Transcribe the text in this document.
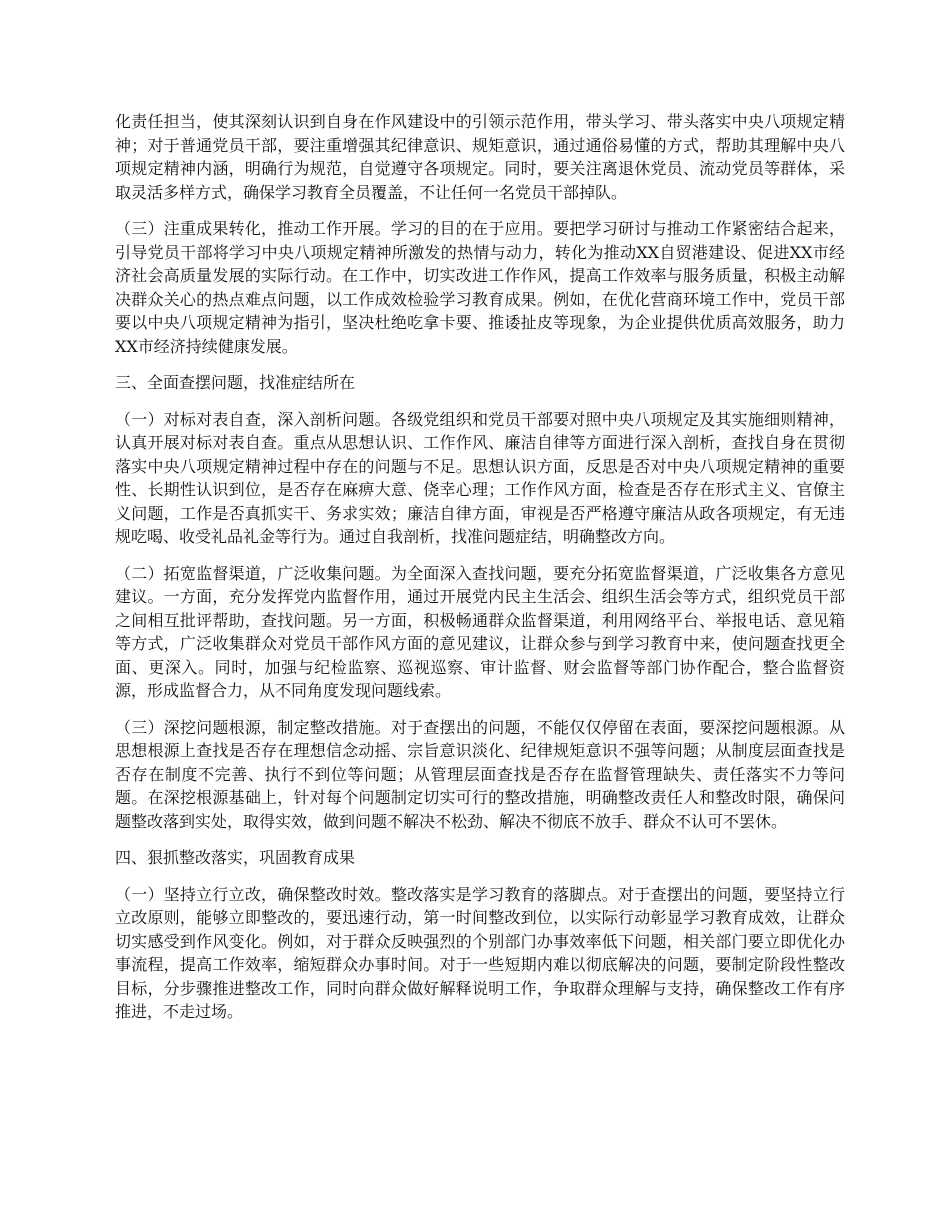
化责任担当，使其深刻认识到自身在作风建设中的引领示范作用，带头学习、带头落实中央八项规定精神；对于普通党员干部，要注重增强其纪律意识、规矩意识，通过通俗易懂的方式，帮助其理解中央八项规定精神内涵，明确行为规范，自觉遵守各项规定。同时，要关注离退休党员、流动党员等群体，采取灵活多样方式，确保学习教育全员覆盖，不让任何一名党员干部掉队。

（三）注重成果转化，推动工作开展。学习的目的在于应用。要把学习研讨与推动工作紧密结合起来，引导党员干部将学习中央八项规定精神所激发的热情与动力，转化为推动XX自贸港建设、促进XX市经济社会高质量发展的实际行动。在工作中，切实改进工作作风，提高工作效率与服务质量，积极主动解决群众关心的热点难点问题，以工作成效检验学习教育成果。例如，在优化营商环境工作中，党员干部要以中央八项规定精神为指引，坚决杜绝吃拿卡要、推诿扯皮等现象，为企业提供优质高效服务，助力XX市经济持续健康发展。

三、全面查摆问题，找准症结所在

（一）对标对表自查，深入剖析问题。各级党组织和党员干部要对照中央八项规定及其实施细则精神，认真开展对标对表自查。重点从思想认识、工作作风、廉洁自律等方面进行深入剖析，查找自身在贯彻落实中央八项规定精神过程中存在的问题与不足。思想认识方面，反思是否对中央八项规定精神的重要性、长期性认识到位，是否存在麻痹大意、侥幸心理；工作作风方面，检查是否存在形式主义、官僚主义问题，工作是否真抓实干、务求实效；廉洁自律方面，审视是否严格遵守廉洁从政各项规定，有无违规吃喝、收受礼品礼金等行为。通过自我剖析，找准问题症结，明确整改方向。

（二）拓宽监督渠道，广泛收集问题。为全面深入查找问题，要充分拓宽监督渠道，广泛收集各方意见建议。一方面，充分发挥党内监督作用，通过开展党内民主生活会、组织生活会等方式，组织党员干部之间相互批评帮助，查找问题。另一方面，积极畅通群众监督渠道，利用网络平台、举报电话、意见箱等方式，广泛收集群众对党员干部作风方面的意见建议，让群众参与到学习教育中来，使问题查找更全面、更深入。同时，加强与纪检监察、巡视巡察、审计监督、财会监督等部门协作配合，整合监督资源，形成监督合力，从不同角度发现问题线索。

（三）深挖问题根源，制定整改措施。对于查摆出的问题，不能仅仅停留在表面，要深挖问题根源。从思想根源上查找是否存在理想信念动摇、宗旨意识淡化、纪律规矩意识不强等问题；从制度层面查找是否存在制度不完善、执行不到位等问题；从管理层面查找是否存在监督管理缺失、责任落实不力等问题。在深挖根源基础上，针对每个问题制定切实可行的整改措施，明确整改责任人和整改时限，确保问题整改落到实处，取得实效，做到问题不解决不松劲、解决不彻底不放手、群众不认可不罢休。

四、狠抓整改落实，巩固教育成果

（一）坚持立行立改，确保整改时效。整改落实是学习教育的落脚点。对于查摆出的问题，要坚持立行立改原则，能够立即整改的，要迅速行动，第一时间整改到位，以实际行动彰显学习教育成效，让群众切实感受到作风变化。例如，对于群众反映强烈的个别部门办事效率低下问题，相关部门要立即优化办事流程，提高工作效率，缩短群众办事时间。对于一些短期内难以彻底解决的问题，要制定阶段性整改目标，分步骤推进整改工作，同时向群众做好解释说明工作，争取群众理解与支持，确保整改工作有序推进，不走过场。
